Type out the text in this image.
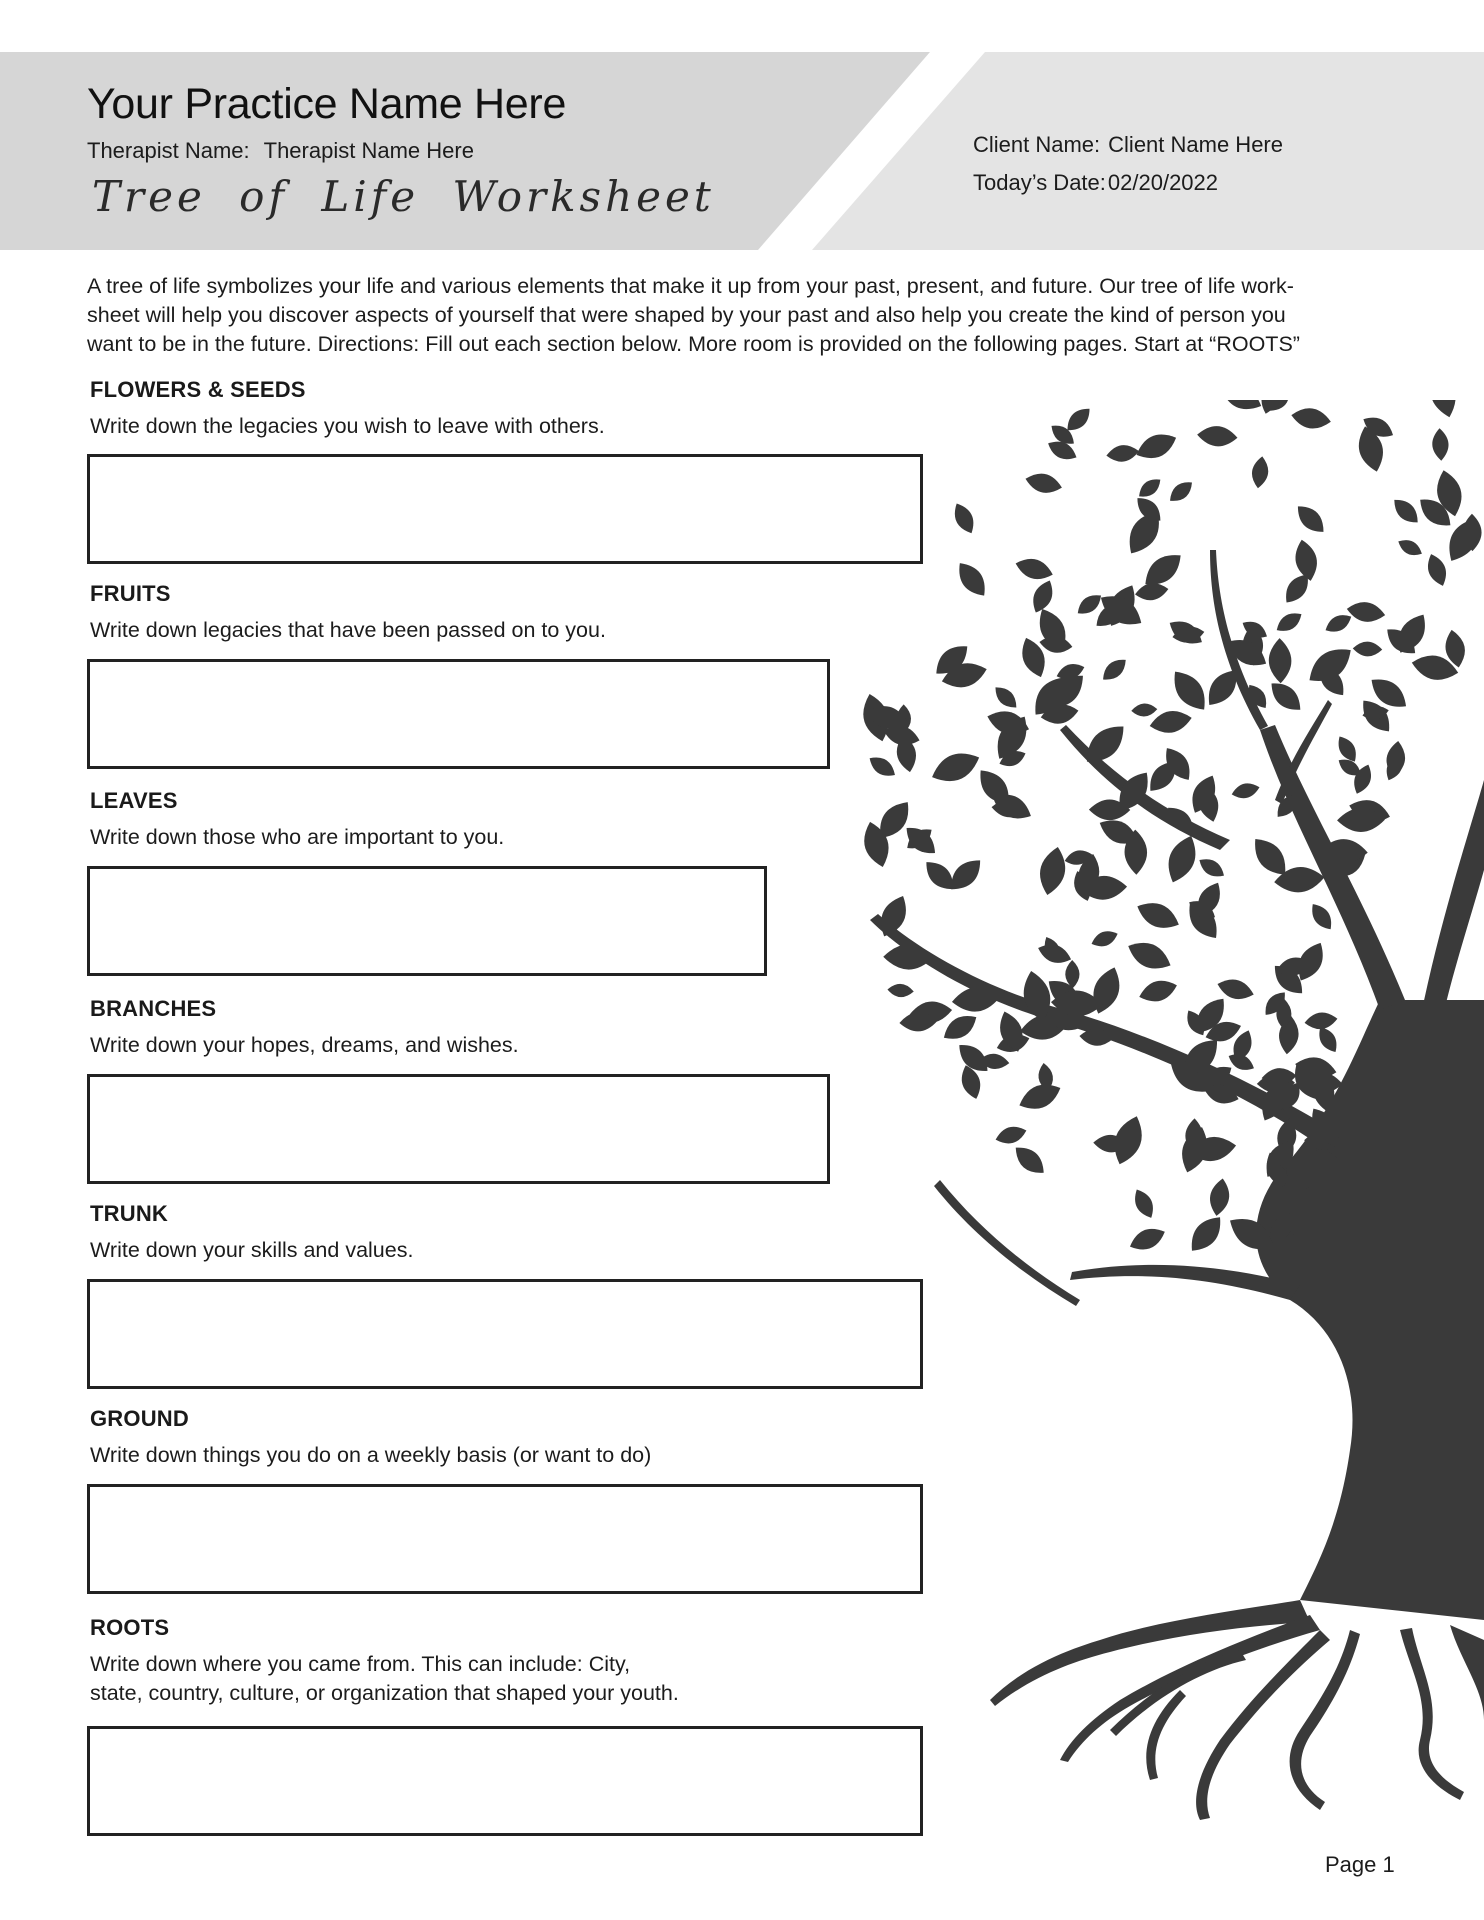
Your Practice Name Here
Therapist Name: Therapist Name Here
Tree of Life Worksheet
Client Name: Client Name Here
Today’s Date:02/20/2022
A tree of life symbolizes your life and various elements that make it up from your past, present, and future. Our tree of life work-
sheet will help you discover aspects of yourself that were shaped by your past and also help you create the kind of person you
want to be in the future. Directions: Fill out each section below. More room is provided on the following pages. Start at “ROOTS”
FLOWERS & SEEDS
Write down the legacies you wish to leave with others.
FRUITS
Write down legacies that have been passed on to you.
LEAVES
Write down those who are important to you.
BRANCHES
Write down your hopes, dreams, and wishes.
TRUNK
Write down your skills and values.
GROUND
Write down things you do on a weekly basis (or want to do)
ROOTS
Write down where you came from. This can include: City,
state, country, culture, or organization that shaped your youth.
Page 1
